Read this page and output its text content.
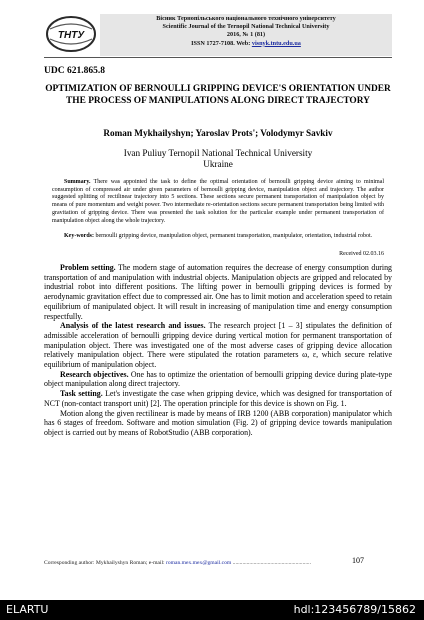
ТНТУ
Вісник Тернопільського національного технічного університету
Scientific Journal of the Ternopil National Technical University
2016, № 1 (81)
ISSN 1727-7108. Web: visnyk.tntu.edu.ua
UDC 621.865.8
OPTIMIZATION OF BERNOULLI GRIPPING DEVICE'S ORIENTATION UNDER THE PROCESS OF MANIPULATIONS ALONG DIRECT TRAJECTORY
Roman Mykhailyshyn; Yaroslav Prots'; Volodymyr Savkiv
Ivan Puliuy Ternopil National Technical University
Ukraine
Summary. There was appointed the task to define the optimal orientation of bernoulli gripping device aiming to minimal consumption of compressed air under given parameters of bernoulli gripping device, manipulation object and trajectory. The author suggested splitting of rectilinear trajectory into 5 sections. These sections secure permanent transportation of manipulation object by means of pure momentum and weight power. Two intermediate re-orientation sections secure permanent transportation being limited with gravitation of gripping device. There was presented the task solution for the particular example under permanent transportation of manipulation object along the whole trajectory.
Key-words: bernoulli gripping device, manipulation object, permanent transportation, manipulator, orientation, industrial robot.
Received 02.03.16

Problem setting. The modern stage of automation requires the decrease of energy consumption during transportation of and manipulation with industrial objects. Manipulation objects are gripped and relocated by industrial robot into different positions. The lifting power in bernoulli gripping devices is formed by aerodynamic gravitation effect due to compressed air. One has to limit motion and acceleration speed to retain equilibrium of manipulated object. It will result in increasing of manipulation time and energy consumption respectfully.

Analysis of the latest research and issues. The research project [1 – 3] stipulates the definition of admissible acceleration of bernoulli gripping device during vertical motion for permanent transportation of manipulation object. There was investigated one of the most adverse cases of gripping device allocation relatively manipulation object. There were stipulated the rotation parameters ω, ε, which secure relative equilibrium of manipulation object.

Research objectives. One has to optimize the orientation of bernoulli gripping device during plate-type object manipulation along direct trajectory.

Task setting. Let's investigate the case when gripping device, which was designed for transportation of NCT (non-contact transport unit) [2]. The operation principle for this device is shown on Fig. 1.

Motion along the given rectilinear is made by means of IRB 1200 (ABB corporation) manipulator which has 6 stages of freedom. Software and motion simulation (Fig. 2) of gripping device towards manipulation object is carried out by means of RobotStudio (ABB corporation).

Corresponding author: Mykhailyshyn Roman; e-mail: roman.mex.mex@gmail.com ........................................................	107
ELARTU	hdl:123456789/15862
